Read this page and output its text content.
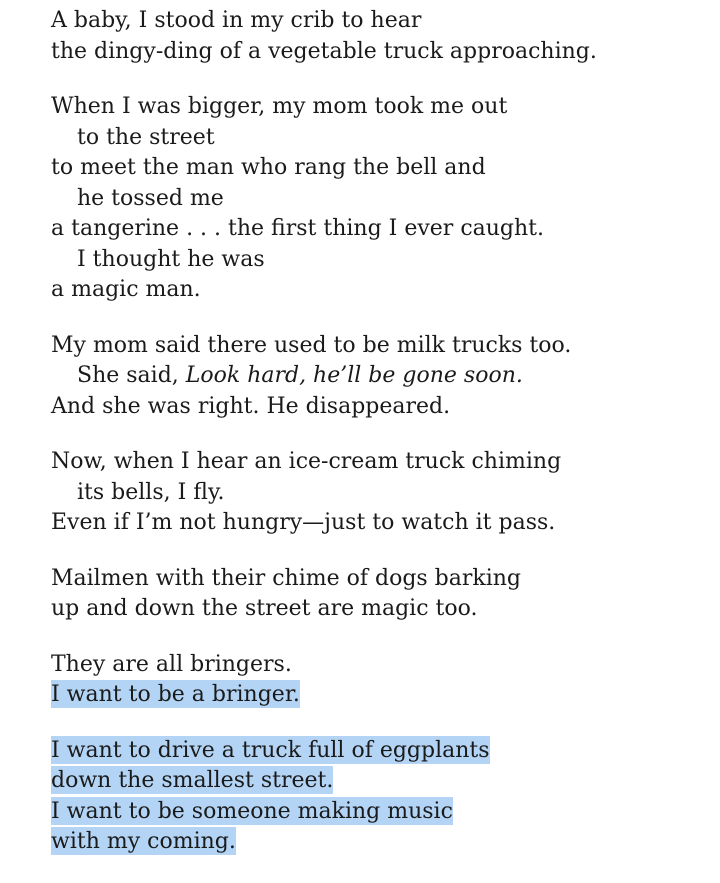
A baby, I stood in my crib to hear
the dingy-ding of a vegetable truck approaching.
When I was bigger, my mom took me out
to the street
to meet the man who rang the bell and
he tossed me
a tangerine . . . the first thing I ever caught.
I thought he was
a magic man.
My mom said there used to be milk trucks too.
She said, Look hard, he’ll be gone soon.
And she was right. He disappeared.
Now, when I hear an ice-cream truck chiming
its bells, I fly.
Even if I’m not hungry—just to watch it pass.
Mailmen with their chime of dogs barking
up and down the street are magic too.
They are all bringers.
I want to be a bringer.
I want to drive a truck full of eggplants
down the smallest street.
I want to be someone making music
with my coming.
